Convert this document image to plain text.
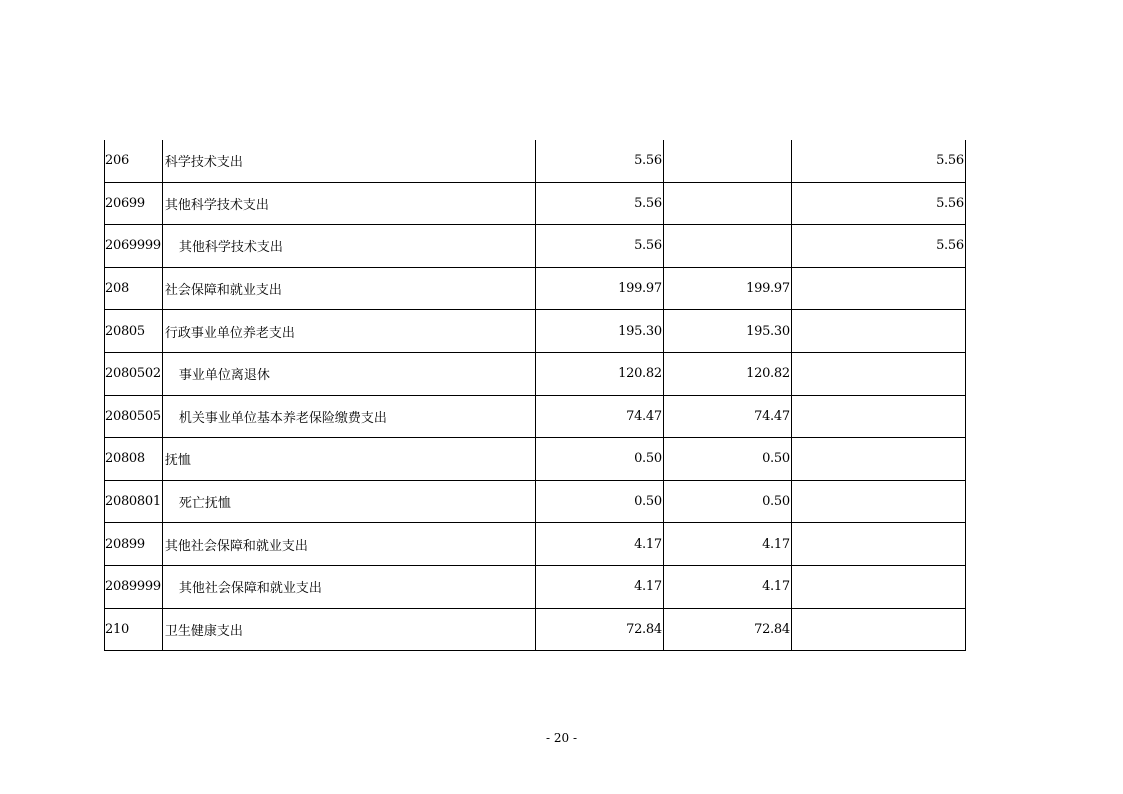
206	科学技术支出	5.56		5.56
20699	其他科学技术支出	5.56		5.56
2069999	其他科学技术支出	5.56		5.56
208	社会保障和就业支出	199.97	199.97	
20805	行政事业单位养老支出	195.30	195.30	
2080502	事业单位离退休	120.82	120.82	
2080505	机关事业单位基本养老保险缴费支出	74.47	74.47	
20808	抚恤	0.50	0.50	
2080801	死亡抚恤	0.50	0.50	
20899	其他社会保障和就业支出	4.17	4.17	
2089999	其他社会保障和就业支出	4.17	4.17	
210	卫生健康支出	72.84	72.84	
- 20 -
